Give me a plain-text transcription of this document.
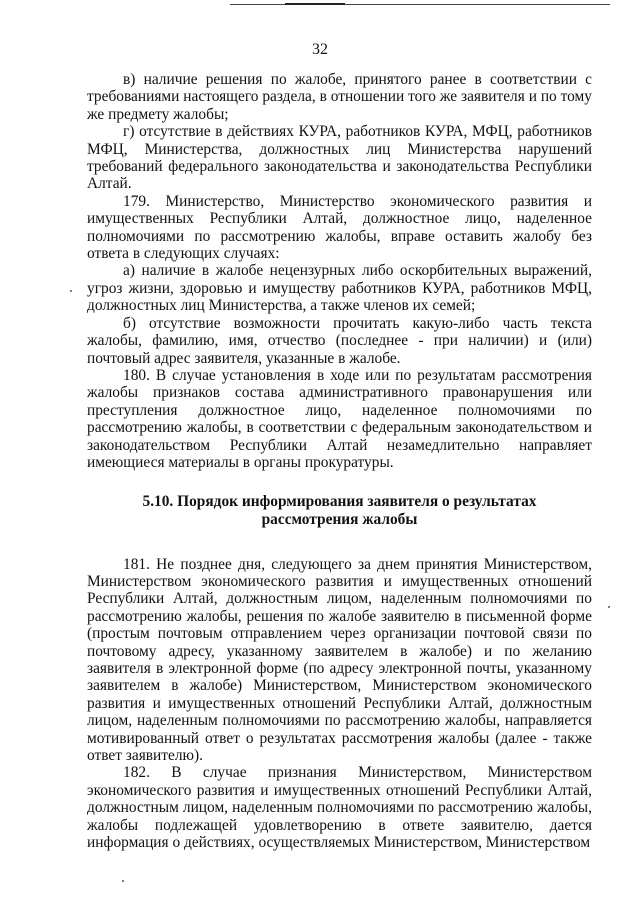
32

в) наличие решения по жалобе, принятого ранее в соответствии с требованиями настоящего раздела, в отношении того же заявителя и по тому же предмету жалобы;

г) отсутствие в действиях КУРА, работников КУРА, МФЦ, работников МФЦ, Министерства, должностных лиц Министерства нарушений требований федерального законодательства и законодательства Республики Алтай.

179. Министерство, Министерство экономического развития и имущественных Республики Алтай, должностное лицо, наделенное полномочиями по рассмотрению жалобы, вправе оставить жалобу без ответа в следующих случаях:

а) наличие в жалобе нецензурных либо оскорбительных выражений, угроз жизни, здоровью и имуществу работников КУРА, работников МФЦ, должностных лиц Министерства, а также членов их семей;

б) отсутствие возможности прочитать какую-либо часть текста жалобы, фамилию, имя, отчество (последнее - при наличии) и (или) почтовый адрес заявителя, указанные в жалобе.

180. В случае установления в ходе или по результатам рассмотрения жалобы признаков состава административного правонарушения или преступления должностное лицо, наделенное полномочиями по рассмотрению жалобы, в соответствии с федеральным законодательством и законодательством Республики Алтай незамедлительно направляет имеющиеся материалы в органы прокуратуры.

5.10. Порядок информирования заявителя о результатах

рассмотрения жалобы

181. Не позднее дня, следующего за днем принятия Министерством, Министерством экономического развития и имущественных отношений Республики Алтай, должностным лицом, наделенным полномочиями по рассмотрению жалобы, решения по жалобе заявителю в письменной форме (простым почтовым отправлением через организации почтовой связи по почтовому адресу, указанному заявителем в жалобе) и по желанию заявителя в электронной форме (по адресу электронной почты, указанному заявителем в жалобе) Министерством, Министерством экономического развития и имущественных отношений Республики Алтай, должностным лицом, наделенным полномочиями по рассмотрению жалобы, направляется мотивированный ответ о результатах рассмотрения жалобы (далее - также ответ заявителю).

182. В случае признания Министерством, Министерством экономического развития и имущественных отношений Республики Алтай, должностным лицом, наделенным полномочиями по рассмотрению жалобы, жалобы подлежащей удовлетворению в ответе заявителю, дается информация о действиях, осуществляемых Министерством, Министерством
